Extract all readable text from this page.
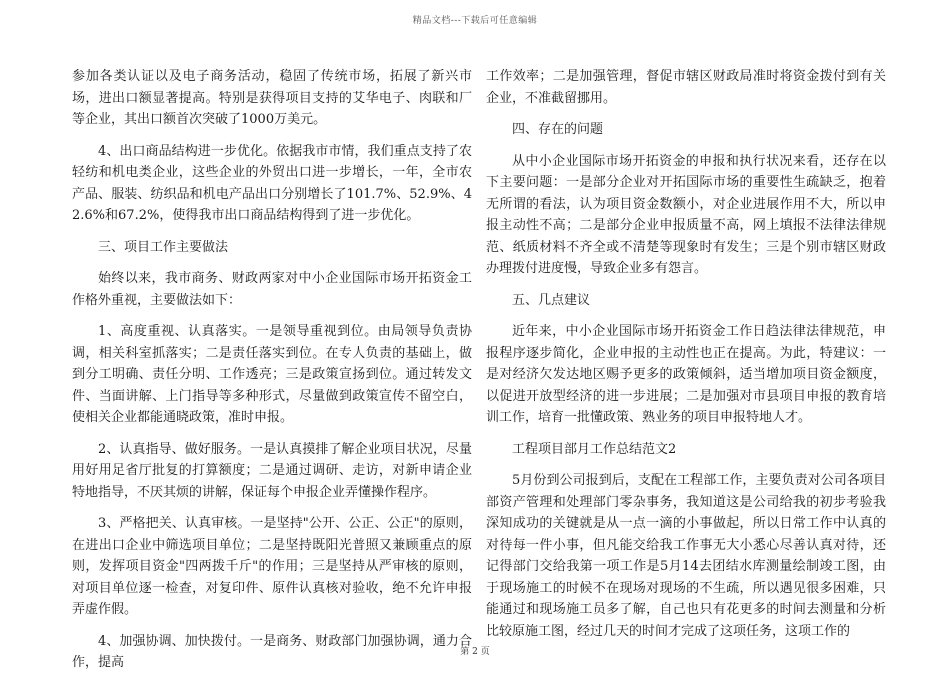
精品文档---下载后可任意编辑

参加各类认证以及电子商务活动，稳固了传统市场，拓展了新兴市场，进出口额显著提高。特别是获得项目支持的艾华电子、肉联和厂等企业，其出口额首次突破了1000万美元。

4、出口商品结构进一步优化。依据我市市情，我们重点支持了农轻纺和机电类企业，这些企业的外贸出口进一步增长，一年，全市农产品、服装、纺织品和机电产品出口分别增长了101.7%、52.9%、42.6%和67.2%，使得我市出口商品结构得到了进一步优化。

三、项目工作主要做法

始终以来，我市商务、财政两家对中小企业国际市场开拓资金工作格外重视，主要做法如下：

1、高度重视、认真落实。一是领导重视到位。由局领导负责协调，相关科室抓落实；二是责任落实到位。在专人负责的基础上，做到分工明确、责任分明、工作透亮；三是政策宣扬到位。通过转发文件、当面讲解、上门指导等多种形式，尽量做到政策宣传不留空白，使相关企业都能通晓政策，准时申报。

2、认真指导、做好服务。一是认真摸排了解企业项目状况，尽量用好用足省厅批复的打算额度；二是通过调研、走访，对新申请企业特地指导，不厌其烦的讲解，保证每个申报企业弄懂操作程序。

3、严格把关、认真审核。一是坚持"公开、公正、公正"的原则，在进出口企业中筛选项目单位；二是坚持既阳光普照又兼顾重点的原则，发挥项目资金"四两拨千斤"的作用；三是坚持从严审核的原则，对项目单位逐一检查，对复印件、原件认真核对验收，绝不允许申报弄虚作假。

4、加强协调、加快拨付。一是商务、财政部门加强协调，通力合作，提高

工作效率；二是加强管理，督促市辖区财政局准时将资金拨付到有关企业，不准截留挪用。

四、存在的问题

从中小企业国际市场开拓资金的申报和执行状况来看，还存在以下主要问题：一是部分企业对开拓国际市场的重要性生疏缺乏，抱着无所谓的看法，认为项目资金数额小，对企业进展作用不大，所以申报主动性不高；二是部分企业申报质量不高，网上填报不法律法律规范、纸质材料不齐全或不清楚等现象时有发生；三是个别市辖区财政办理拨付进度慢，导致企业多有怨言。

五、几点建议

近年来，中小企业国际市场开拓资金工作日趋法律法律规范，申报程序逐步简化，企业申报的主动性也正在提高。为此，特建议：一是对经济欠发达地区赐予更多的政策倾斜，适当增加项目资金额度，以促进开放型经济的进一步进展；二是加强对市县项目申报的教育培训工作，培育一批懂政策、熟业务的项目申报特地人才。

工程项目部月工作总结范文2

5月份到公司报到后，支配在工程部工作，主要负责对公司各项目部资产管理和处理部门零杂事务，我知道这是公司给我的初步考验我深知成功的关键就是从一点一滴的小事做起，所以日常工作中认真的对待每一件小事，但凡能交给我工作事无大小悉心尽善认真对待，还记得部门交给我第一项工作是5月14去团结水库测量绘制竣工图，由于现场施工的时候不在现场对现场的不生疏，所以遇见很多困难，只能通过和现场施工员多了解，自己也只有花更多的时间去测量和分析比较原施工图，经过几天的时间才完成了这项任务，这项工作的

第 2 页
